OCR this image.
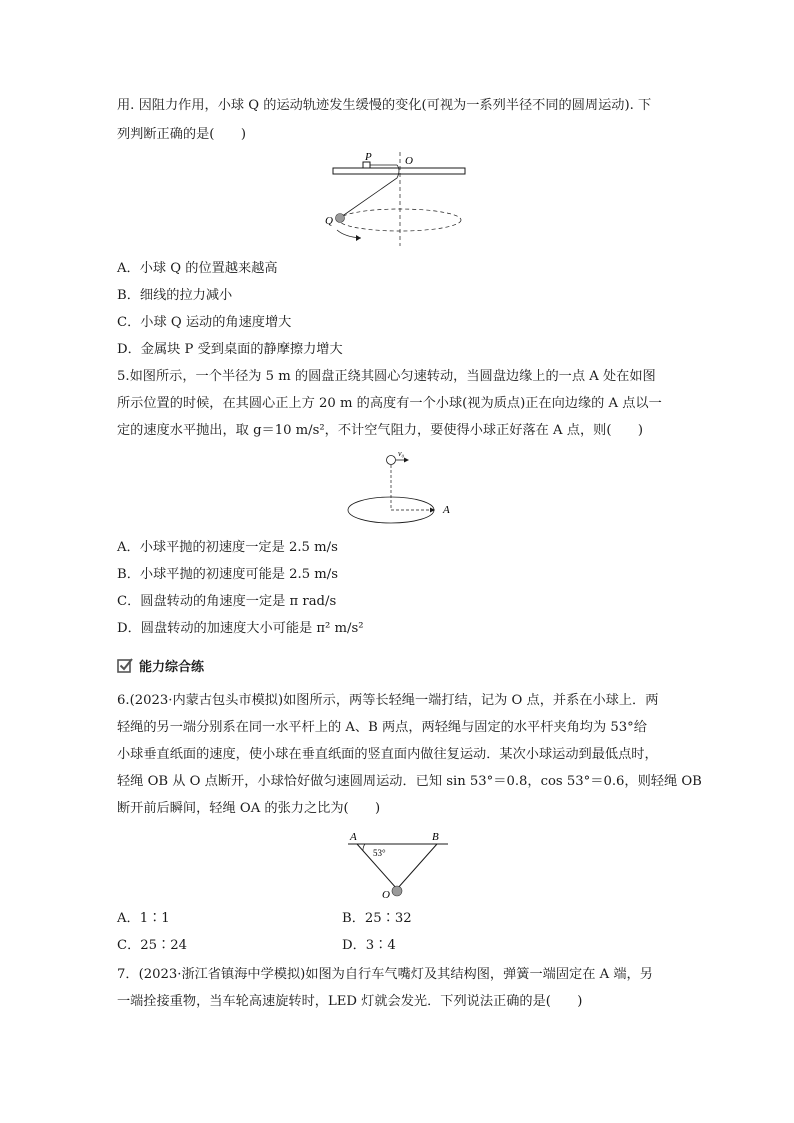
用. 因阻力作用，小球 Q 的运动轨迹发生缓慢的变化(可视为一系列半径不同的圆周运动). 下
列判断正确的是(　　)
P	O
Q
A．小球 Q 的位置越来越高
B．细线的拉力减小
C．小球 Q 运动的角速度增大
D．金属块 P 受到桌面的静摩擦力增大
5.如图所示，一个半径为 5 m 的圆盘正绕其圆心匀速转动，当圆盘边缘上的一点 A 处在如图
所示位置的时候，在其圆心正上方 20 m 的高度有一个小球(视为质点)正在向边缘的 A 点以一
定的速度水平抛出，取 g＝10 m/s²，不计空气阻力，要使得小球正好落在 A 点，则(　　)
v₀
A
A．小球平抛的初速度一定是 2.5 m/s
B．小球平抛的初速度可能是 2.5 m/s
C．圆盘转动的角速度一定是 π rad/s
D．圆盘转动的加速度大小可能是 π² m/s²
能力综合练
6.(2023·内蒙古包头市模拟)如图所示，两等长轻绳一端打结，记为 O 点，并系在小球上．两
轻绳的另一端分别系在同一水平杆上的 A、B 两点，两轻绳与固定的水平杆夹角均为 53°给
小球垂直纸面的速度，使小球在垂直纸面的竖直面内做往复运动．某次小球运动到最低点时，
轻绳 OB 从 O 点断开，小球恰好做匀速圆周运动．已知 sin 53°＝0.8，cos 53°＝0.6，则轻绳 OB
断开前后瞬间，轻绳 OA 的张力之比为(　　)
A	B
53°
O
A．1∶1	B．25∶32
C．25∶24	D．3∶4
7．(2023·浙江省镇海中学模拟)如图为自行车气嘴灯及其结构图，弹簧一端固定在 A 端，另
一端拴接重物，当车轮高速旋转时，LED 灯就会发光．下列说法正确的是(　　)
